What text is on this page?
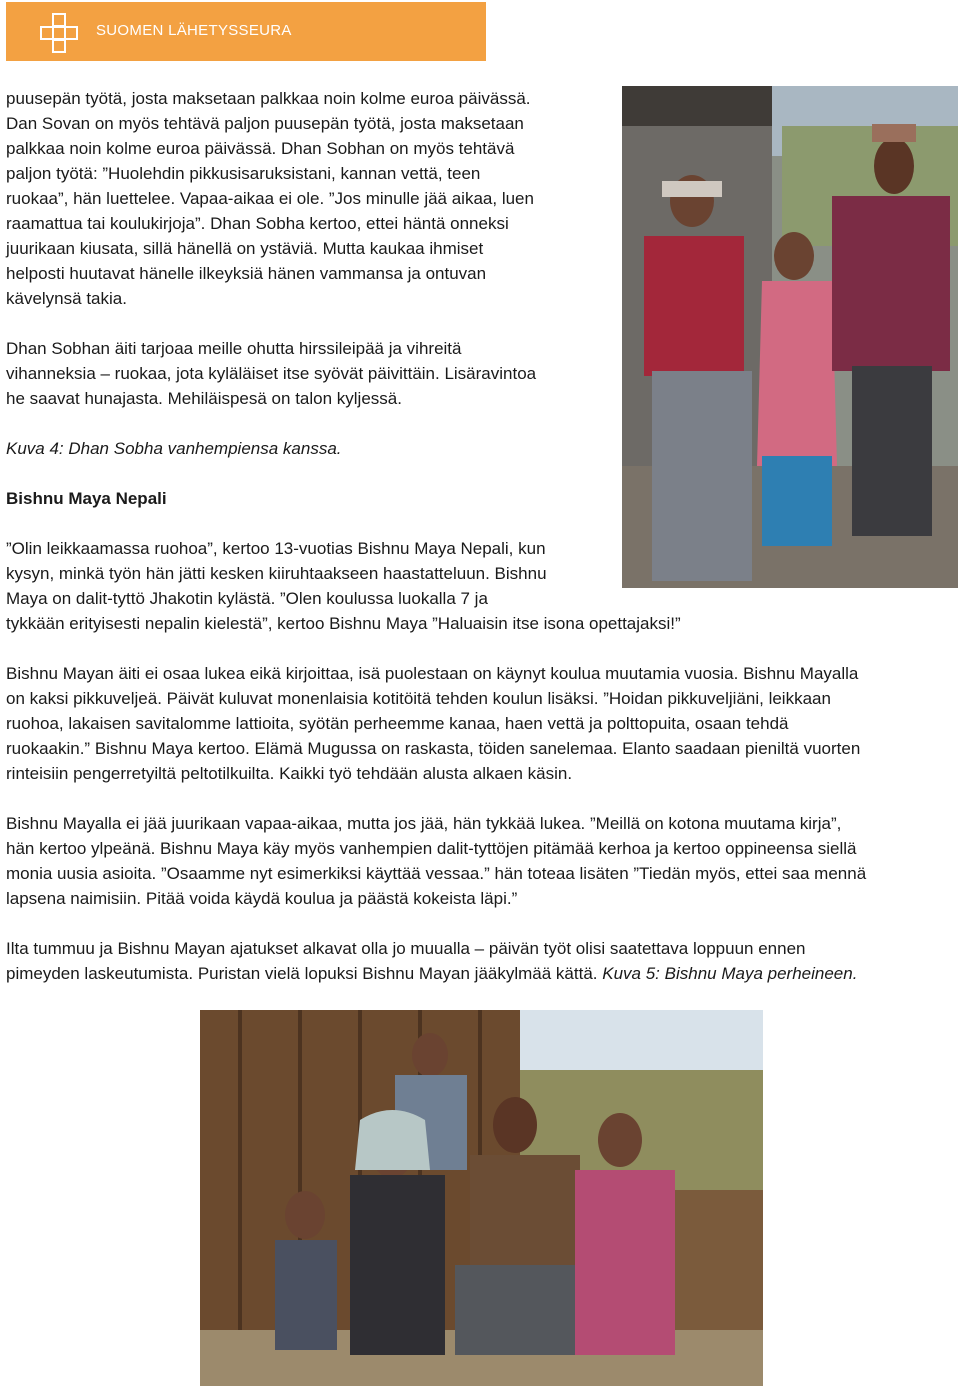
SUOMEN LÄHETYSSEURA
puusepän työtä, josta maksetaan palkkaa noin kolme euroa päivässä.
Dan Sovan on myös tehtävä paljon puusepän työtä, josta maksetaan
palkkaa noin kolme euroa päivässä. Dhan Sobhan on myös tehtävä
paljon työtä: ”Huolehdin pikkusisaruksistani, kannan vettä, teen
ruokaa”, hän luettelee. Vapaa-aikaa ei ole. ”Jos minulle jää aikaa, luen
raamattua tai koulukirjoja”. Dhan Sobha kertoo, ettei häntä onneksi
juurikaan kiusata, sillä hänellä on ystäviä. Mutta kaukaa ihmiset
helposti huutavat hänelle ilkeyksiä hänen vammansa ja ontuvan
kävelynsä takia.
Dhan Sobhan äiti tarjoaa meille ohutta hirssileipää ja vihreitä
vihanneksia – ruokaa, jota kyläläiset itse syövät päivittäin. Lisäravintoa
he saavat hunajasta. Mehiläispesä on talon kyljessä.
Kuva 4: Dhan Sobha vanhempiensa kanssa.
Bishnu Maya Nepali
”Olin leikkaamassa ruohoa”, kertoo 13-vuotias Bishnu Maya Nepali, kun
kysyn, minkä työn hän jätti kesken kiiruhtaakseen haastatteluun. Bishnu
Maya on dalit-tyttö Jhakotin kylästä. ”Olen koulussa luokalla 7 ja
tykkään erityisesti nepalin kielestä”, kertoo Bishnu Maya ”Haluaisin itse isona opettajaksi!”
Bishnu Mayan äiti ei osaa lukea eikä kirjoittaa, isä puolestaan on käynyt koulua muutamia vuosia. Bishnu Mayalla
on kaksi pikkuveljeä. Päivät kuluvat monenlaisia kotitöitä tehden koulun lisäksi. ”Hoidan pikkuveljiäni, leikkaan
ruohoa, lakaisen savitalomme lattioita, syötän perheemme kanaa, haen vettä ja polttopuita, osaan tehdä
ruokaakin.” Bishnu Maya kertoo. Elämä Mugussa on raskasta, töiden sanelemaa. Elanto saadaan pieniltä vuorten
rinteisiin pengerretyiltä peltotilkuilta. Kaikki työ tehdään alusta alkaen käsin.
Bishnu Mayalla ei jää juurikaan vapaa-aikaa, mutta jos jää, hän tykkää lukea. ”Meillä on kotona muutama kirja”,
hän kertoo ylpeänä. Bishnu Maya käy myös vanhempien dalit-tyttöjen pitämää kerhoa ja kertoo oppineensa siellä
monia uusia asioita. ”Osaamme nyt esimerkiksi käyttää vessaa.” hän toteaa lisäten ”Tiedän myös, ettei saa mennä
lapsena naimisiin. Pitää voida käydä koulua ja päästä kokeista läpi.”
Ilta tummuu ja Bishnu Mayan ajatukset alkavat olla jo muualla – päivän työt olisi saatettava loppuun ennen
pimeyden laskeutumista. Puristan vielä lopuksi Bishnu Mayan jääkylmää kättä. Kuva 5: Bishnu Maya perheineen.
